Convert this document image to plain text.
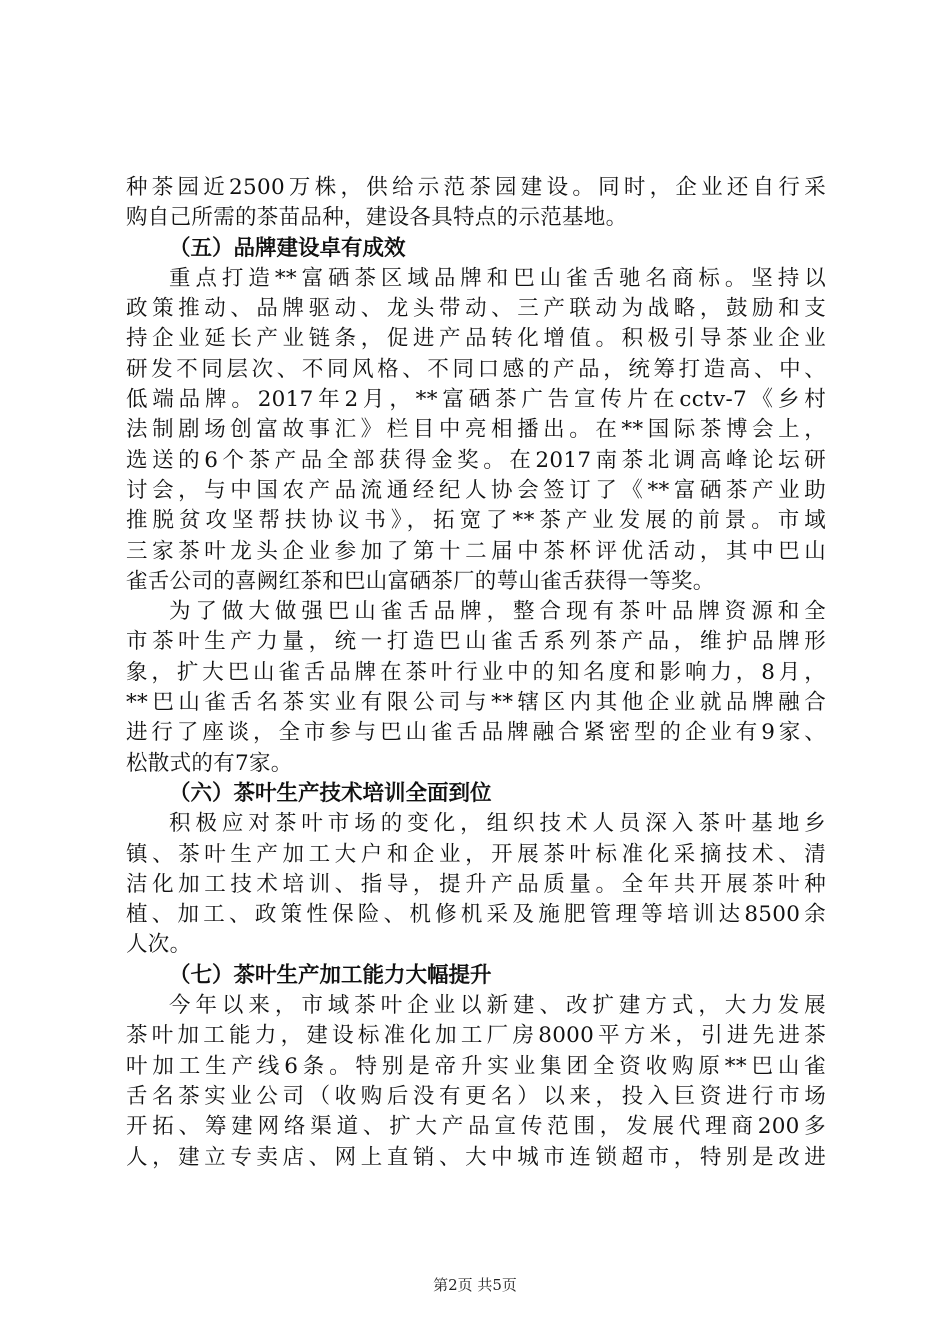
种茶园近2500万株，供给示范茶园建设。同时，企业还自行采
购自己所需的茶苗品种，建设各具特点的示范基地。
（五）品牌建设卓有成效
重点打造**富硒茶区域品牌和巴山雀舌驰名商标。坚持以
政策推动、品牌驱动、龙头带动、三产联动为战略，鼓励和支
持企业延长产业链条，促进产品转化增值。积极引导茶业企业
研发不同层次、不同风格、不同口感的产品，统筹打造高、中、
低端品牌。2017年2月，**富硒茶广告宣传片在cctv-7《乡村
法制剧场创富故事汇》栏目中亮相播出。在**国际茶博会上，
选送的6个茶产品全部获得金奖。在2017南茶北调高峰论坛研
讨会，与中国农产品流通经纪人协会签订了《**富硒茶产业助
推脱贫攻坚帮扶协议书》，拓宽了**茶产业发展的前景。市域
三家茶叶龙头企业参加了第十二届中茶杯评优活动，其中巴山
雀舌公司的喜阙红茶和巴山富硒茶厂的萼山雀舌获得一等奖。
为了做大做强巴山雀舌品牌，整合现有茶叶品牌资源和全
市茶叶生产力量，统一打造巴山雀舌系列茶产品，维护品牌形
象，扩大巴山雀舌品牌在茶叶行业中的知名度和影响力，8月，
**巴山雀舌名茶实业有限公司与**辖区内其他企业就品牌融合
进行了座谈，全市参与巴山雀舌品牌融合紧密型的企业有9家、
松散式的有7家。
（六）茶叶生产技术培训全面到位
积极应对茶叶市场的变化，组织技术人员深入茶叶基地乡
镇、茶叶生产加工大户和企业，开展茶叶标准化采摘技术、清
洁化加工技术培训、指导，提升产品质量。全年共开展茶叶种
植、加工、政策性保险、机修机采及施肥管理等培训达8500余
人次。
（七）茶叶生产加工能力大幅提升
今年以来，市域茶叶企业以新建、改扩建方式，大力发展
茶叶加工能力，建设标准化加工厂房8000平方米，引进先进茶
叶加工生产线6条。特别是帝升实业集团全资收购原**巴山雀
舌名茶实业公司（收购后没有更名）以来，投入巨资进行市场
开拓、筹建网络渠道、扩大产品宣传范围，发展代理商200多
人，建立专卖店、网上直销、大中城市连锁超市，特别是改进
第2页 共5页
